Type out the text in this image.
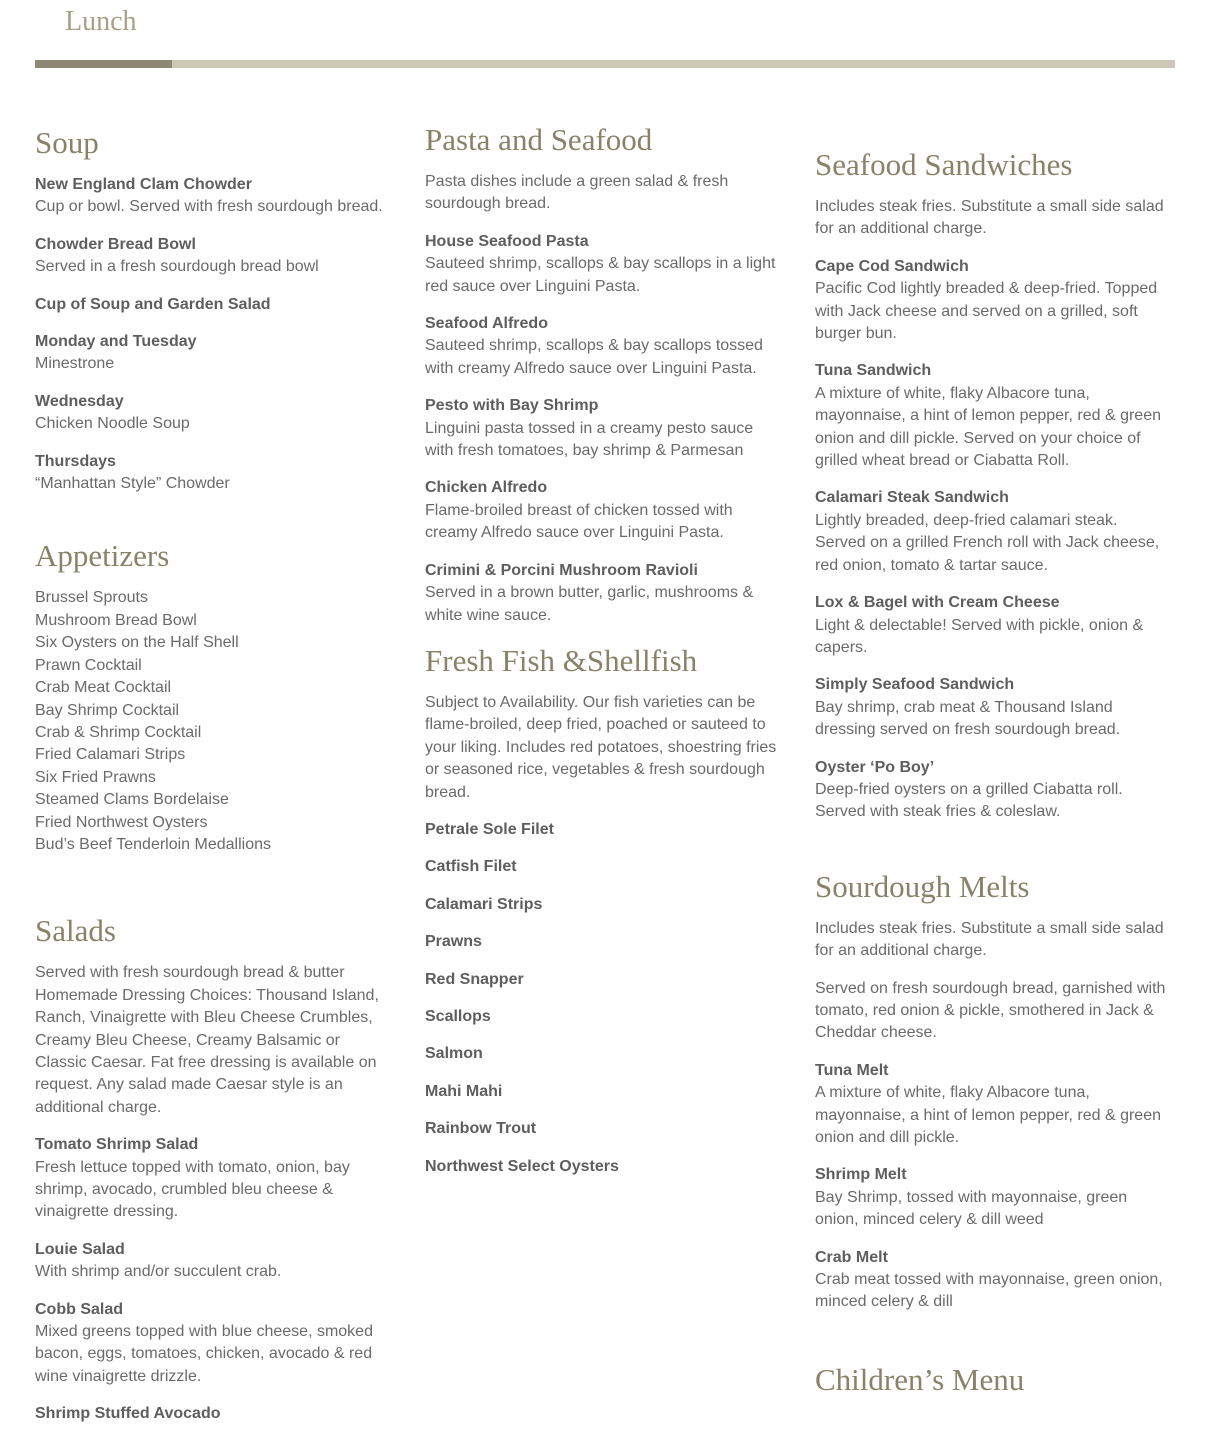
Lunch
Soup
New England Clam Chowder
Cup or bowl. Served with fresh sourdough bread.
Chowder Bread Bowl
Served in a fresh sourdough bread bowl
Cup of Soup and Garden Salad
Monday and Tuesday
Minestrone
Wednesday
Chicken Noodle Soup
Thursdays
“Manhattan Style” Chowder
Appetizers
Brussel Sprouts
Mushroom Bread Bowl
Six Oysters on the Half Shell
Prawn Cocktail
Crab Meat Cocktail
Bay Shrimp Cocktail
Crab & Shrimp Cocktail
Fried Calamari Strips
Six Fried Prawns
Steamed Clams Bordelaise
Fried Northwest Oysters
Bud’s Beef Tenderloin Medallions
Salads
Served with fresh sourdough bread & butter Homemade Dressing Choices: Thousand Island, Ranch, Vinaigrette with Bleu Cheese Crumbles, Creamy Bleu Cheese, Creamy Balsamic or Classic Caesar. Fat free dressing is available on request. Any salad made Caesar style is an additional charge.
Tomato Shrimp Salad
Fresh lettuce topped with tomato, onion, bay shrimp, avocado, crumbled bleu cheese & vinaigrette dressing.
Louie Salad
With shrimp and/or succulent crab.
Cobb Salad
Mixed greens topped with blue cheese, smoked bacon, eggs, tomatoes, chicken, avocado & red wine vinaigrette drizzle.
Shrimp Stuffed Avocado
Pasta and Seafood
Pasta dishes include a green salad & fresh sourdough bread.
House Seafood Pasta
Sauteed shrimp, scallops & bay scallops in a light red sauce over Linguini Pasta.
Seafood Alfredo
Sauteed shrimp, scallops & bay scallops tossed with creamy Alfredo sauce over Linguini Pasta.
Pesto with Bay Shrimp
Linguini pasta tossed in a creamy pesto sauce with fresh tomatoes, bay shrimp & Parmesan
Chicken Alfredo
Flame-broiled breast of chicken tossed with creamy Alfredo sauce over Linguini Pasta.
Crimini & Porcini Mushroom Ravioli
Served in a brown butter, garlic, mushrooms & white wine sauce.
Fresh Fish &Shellfish
Subject to Availability. Our fish varieties can be flame-broiled, deep fried, poached or sauteed to your liking. Includes red potatoes, shoestring fries or seasoned rice, vegetables & fresh sourdough bread.
Petrale Sole Filet
Catfish Filet
Calamari Strips
Prawns
Red Snapper
Scallops
Salmon
Mahi Mahi
Rainbow Trout
Northwest Select Oysters
Seafood Sandwiches
Includes steak fries. Substitute a small side salad for an additional charge.
Cape Cod Sandwich
Pacific Cod lightly breaded & deep-fried. Topped with Jack cheese and served on a grilled, soft burger bun.
Tuna Sandwich
A mixture of white, flaky Albacore tuna, mayonnaise, a hint of lemon pepper, red & green onion and dill pickle. Served on your choice of grilled wheat bread or Ciabatta Roll.
Calamari Steak Sandwich
Lightly breaded, deep-fried calamari steak. Served on a grilled French roll with Jack cheese, red onion, tomato & tartar sauce.
Lox & Bagel with Cream Cheese
Light & delectable! Served with pickle, onion & capers.
Simply Seafood Sandwich
Bay shrimp, crab meat & Thousand Island dressing served on fresh sourdough bread.
Oyster ‘Po Boy’
Deep-fried oysters on a grilled Ciabatta roll. Served with steak fries & coleslaw.
Sourdough Melts
Includes steak fries. Substitute a small side salad for an additional charge.
Served on fresh sourdough bread, garnished with tomato, red onion & pickle, smothered in Jack & Cheddar cheese.
Tuna Melt
A mixture of white, flaky Albacore tuna, mayonnaise, a hint of lemon pepper, red & green onion and dill pickle.
Shrimp Melt
Bay Shrimp, tossed with mayonnaise, green onion, minced celery & dill weed
Crab Melt
Crab meat tossed with mayonnaise, green onion, minced celery & dill
Children’s Menu
